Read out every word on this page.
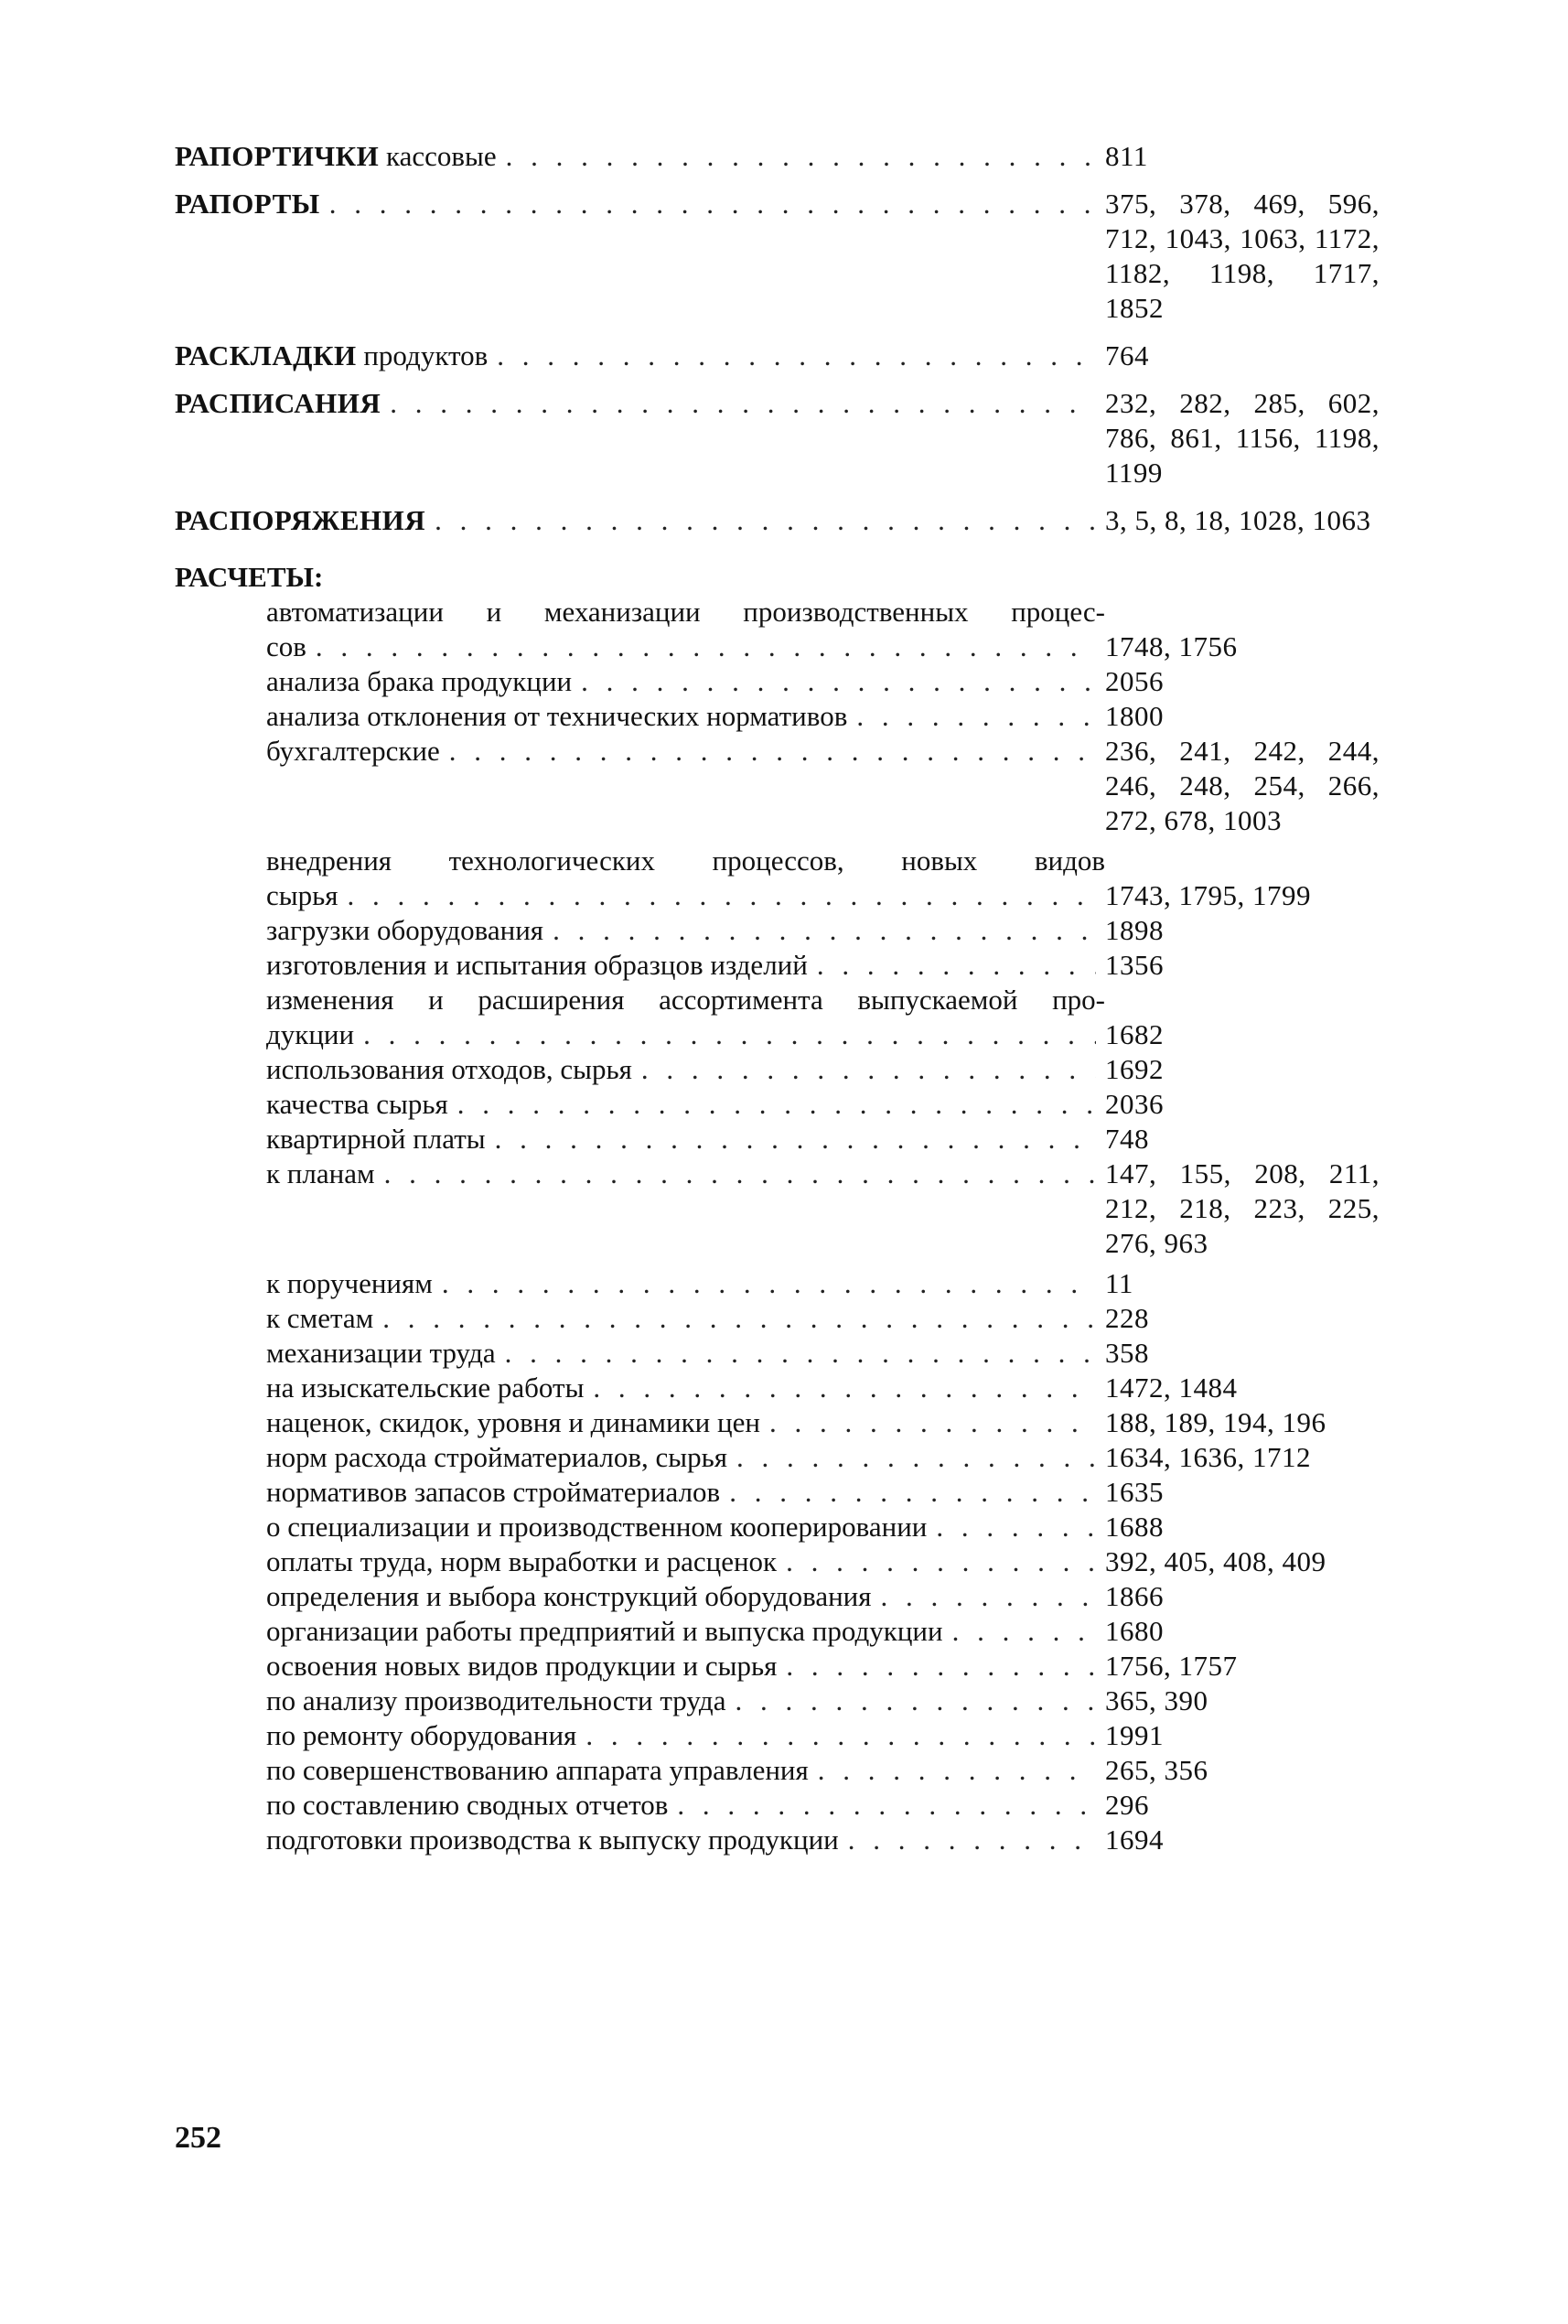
РАПОРТИЧКИ кассовые . . .	811
РАПОРТЫ . . .	375, 378, 469, 596, 712, 1043, 1063, 1172, 1182, 1198, 1717, 1852
РАСКЛАДКИ продуктов . . .	764
РАСПИСАНИЯ . . .	232, 282, 285, 602, 786, 861, 1156, 1198, 1199
РАСПОРЯЖЕНИЯ . . .	3, 5, 8, 18, 1028, 1063
РАСЧЕТЫ:
автоматизации и механизации производственных процес-
сов . . .	1748, 1756
анализа брака продукции . . .	2056
анализа отклонения от технических нормативов . . .	1800
бухгалтерские . . .	236, 241, 242, 244, 246, 248, 254, 266, 272, 678, 1003
внедрения технологических процессов, новых видов
сырья . . .	1743, 1795, 1799
загрузки оборудования . . .	1898
изготовления и испытания образцов изделий . . .	1356
изменения и расширения ассортимента выпускаемой про-
дукции . . .	1682
использования отходов, сырья . . .	1692
качества сырья . . .	2036
квартирной платы . . .	748
к планам . . .	147, 155, 208, 211, 212, 218, 223, 225, 276, 963
к поручениям . . .	11
к сметам . . .	228
механизации труда . . .	358
на изыскательские работы . . .	1472, 1484
наценок, скидок, уровня и динамики цен . . .	188, 189, 194, 196
норм расхода стройматериалов, сырья . . .	1634, 1636, 1712
нормативов запасов стройматериалов . . .	1635
о специализации и производственном кооперировании . . .	1688
оплаты труда, норм выработки и расценок . . .	392, 405, 408, 409
определения и выбора конструкций оборудования . . .	1866
организации работы предприятий и выпуска продукции . . .	1680
освоения новых видов продукции и сырья . . .	1756, 1757
по анализу производительности труда . . .	365, 390
по ремонту оборудования . . .	1991
по совершенствованию аппарата управления . . .	265, 356
по составлению сводных отчетов . . .	296
подготовки производства к выпуску продукции . . .	1694
252
